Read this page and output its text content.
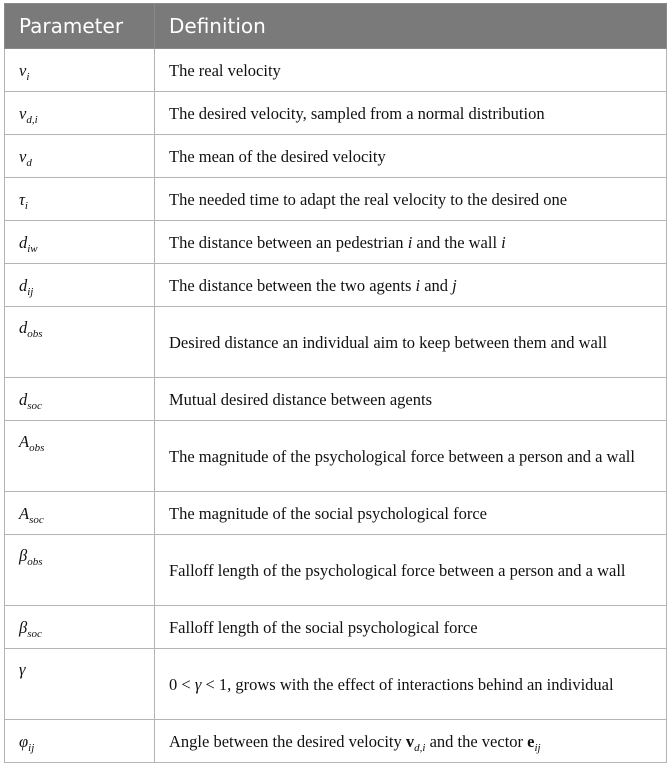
Parameter	Definition
$v_i$	The real velocity
$v_{d,i}$	The desired velocity, sampled from a normal distribution
$v_d$	The mean of the desired velocity
$\tau_i$	The needed time to adapt the real velocity to the desired one
$d_{iw}$	The distance between an pedestrian i and the wall i
$d_{ij}$	The distance between the two agents i and j
$d_{obs}$	Desired distance an individual aim to keep between them and wall
$d_{soc}$	Mutual desired distance between agents
$A_{obs}$	The magnitude of the psychological force between a person and a wall
$A_{soc}$	The magnitude of the social psychological force
$\beta_{obs}$	Falloff length of the psychological force between a person and a wall
$\beta_{soc}$	Falloff length of the social psychological force
γ	0 < γ < 1, grows with the effect of interactions behind an individual
$\varphi_{ij}$	Angle between the desired velocity $v_{d,i}$ and the vector $e_{ij}$
